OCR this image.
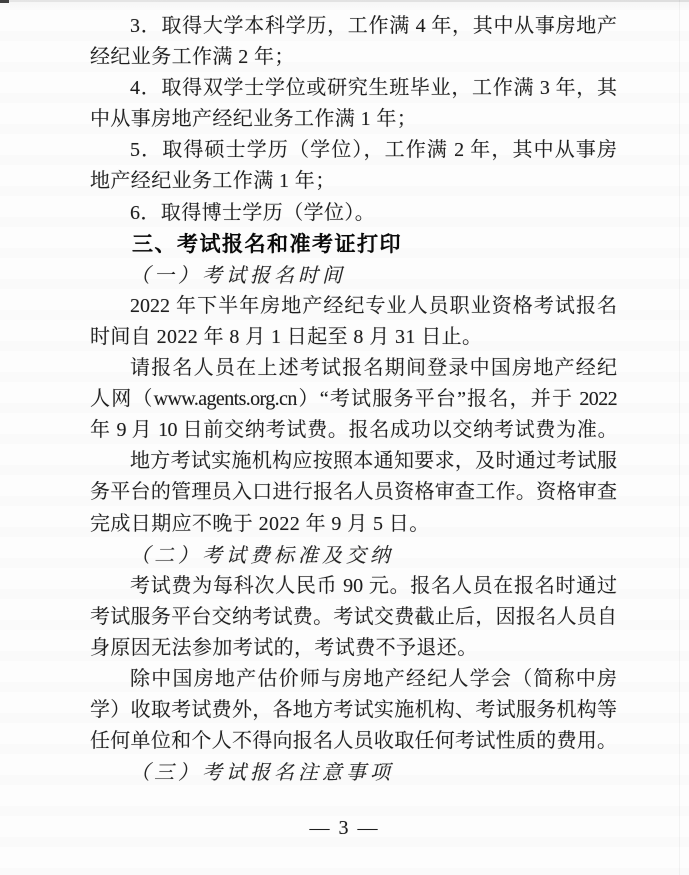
3．取得大学本科学历，工作满 4 年，其中从事房地产

经纪业务工作满 2 年；

4．取得双学士学位或研究生班毕业，工作满 3 年，其

中从事房地产经纪业务工作满 1 年；

5．取得硕士学历（学位），工作满 2 年，其中从事房

地产经纪业务工作满 1 年；

6．取得博士学历（学位）。

三、考试报名和准考证打印

（一）考试报名时间

2022 年下半年房地产经纪专业人员职业资格考试报名

时间自 2022 年 8 月 1 日起至 8 月 31 日止。

请报名人员在上述考试报名期间登录中国房地产经纪

人网（www.agents.org.cn）“考试服务平台”报名，并于 2022

年 9 月 10 日前交纳考试费。报名成功以交纳考试费为准。

地方考试实施机构应按照本通知要求，及时通过考试服

务平台的管理员入口进行报名人员资格审查工作。资格审查

完成日期应不晚于 2022 年 9 月 5 日。

（二）考试费标准及交纳

考试费为每科次人民币 90 元。报名人员在报名时通过

考试服务平台交纳考试费。考试交费截止后，因报名人员自

身原因无法参加考试的，考试费不予退还。

除中国房地产估价师与房地产经纪人学会（简称中房

学）收取考试费外，各地方考试实施机构、考试服务机构等

任何单位和个人不得向报名人员收取任何考试性质的费用。

（三）考试报名注意事项

— 3 —
